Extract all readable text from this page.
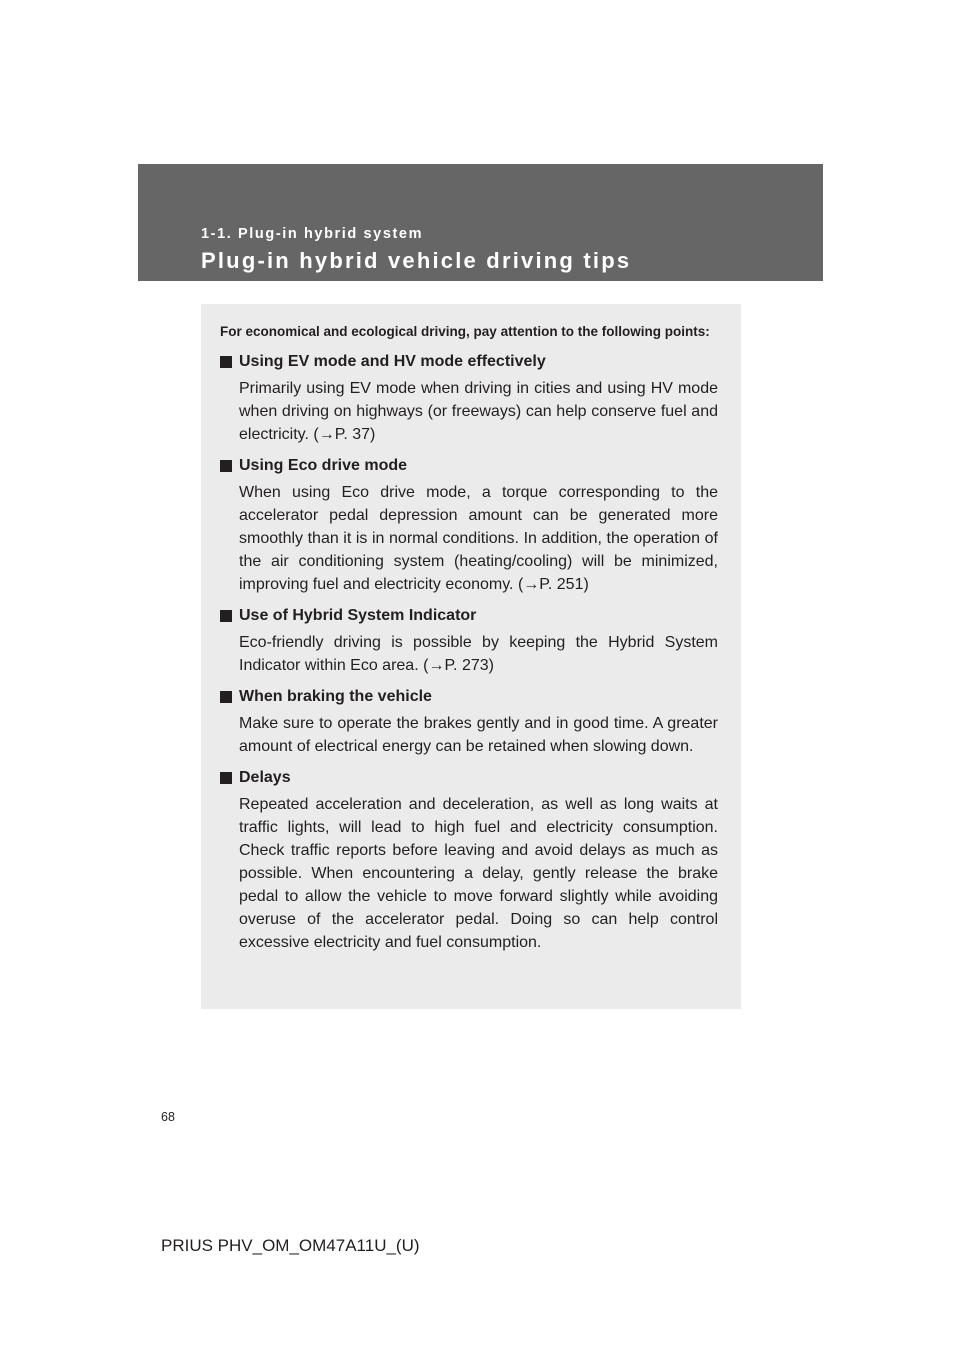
1-1. Plug-in hybrid system
Plug-in hybrid vehicle driving tips

For economical and ecological driving, pay attention to the following points:

Using EV mode and HV mode effectively
Primarily using EV mode when driving in cities and using HV mode when driving on highways (or freeways) can help conserve fuel and electricity. (→P. 37)
Using Eco drive mode
When using Eco drive mode, a torque corresponding to the accelerator pedal depression amount can be generated more smoothly than it is in normal conditions. In addition, the operation of the air conditioning system (heating/cooling) will be minimized, improving fuel and electricity economy. (→P. 251)
Use of Hybrid System Indicator
Eco-friendly driving is possible by keeping the Hybrid System Indicator within Eco area. (→P. 273)
When braking the vehicle
Make sure to operate the brakes gently and in good time. A greater amount of electrical energy can be retained when slowing down.
Delays
Repeated acceleration and deceleration, as well as long waits at traffic lights, will lead to high fuel and electricity consumption. Check traffic reports before leaving and avoid delays as much as possible. When encountering a delay, gently release the brake pedal to allow the vehicle to move forward slightly while avoiding overuse of the accelerator pedal. Doing so can help control excessive electricity and fuel consumption.
68
PRIUS PHV_OM_OM47A11U_(U)
